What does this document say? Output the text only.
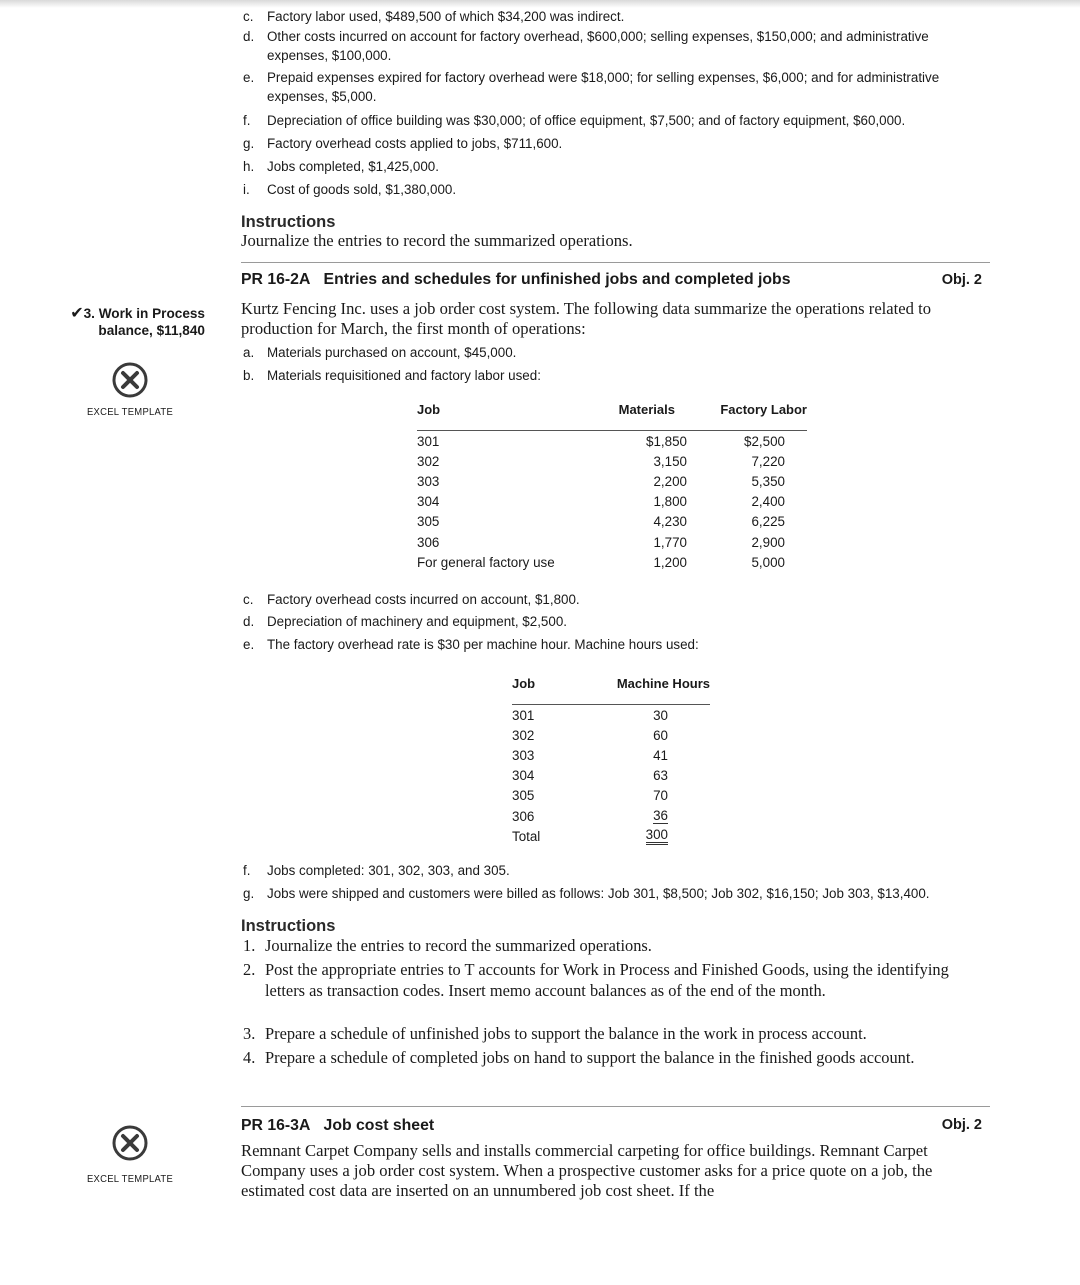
c.	Factory labor used, $489,500 of which $34,200 was indirect.
d. Other costs incurred on account for factory overhead, $600,000; selling expenses, $150,000; and administrative expenses, $100,000.
e. Prepaid expenses expired for factory overhead were $18,000; for selling expenses, $6,000; and for administrative expenses, $5,000.
f.	Depreciation of office building was $30,000; of office equipment, $7,500; and of factory equipment, $60,000.
g. Factory overhead costs applied to jobs, $711,600.
h. Jobs completed, $1,425,000.
i.	Cost of goods sold, $1,380,000.
Instructions
Journalize the entries to record the summarized operations.
PR 16-2A Entries and schedules for unfinished jobs and completed jobs	Obj. 2
✔3. Work in Process
balance, $11,840
EXCEL TEMPLATE
Kurtz Fencing Inc. uses a job order cost system. The following data summarize the operations related to production for March, the first month of operations:
a. Materials purchased on account, $45,000.
b. Materials requisitioned and factory labor used:
Job	Materials	Factory Labor
301	$1,850	$2,500
302	3,150	7,220
303	2,200	5,350
304	1,800	2,400
305	4,230	6,225
306	1,770	2,900
For general factory use	1,200	5,000
c.	Factory overhead costs incurred on account, $1,800.
d. Depreciation of machinery and equipment, $2,500.
e. The factory overhead rate is $30 per machine hour. Machine hours used:
Job	Machine Hours
301	30
302	60
303	41
304	63
305	70
306	36
Total	300
f.	Jobs completed: 301, 302, 303, and 305.
g. Jobs were shipped and customers were billed as follows: Job 301, $8,500; Job 302, $16,150; Job 303, $13,400.
Instructions
1. Journalize the entries to record the summarized operations.
2. Post the appropriate entries to T accounts for Work in Process and Finished Goods, using the identifying letters as transaction codes. Insert memo account balances as of the end of the month.
3. Prepare a schedule of unfinished jobs to support the balance in the work in process account.
4. Prepare a schedule of completed jobs on hand to support the balance in the finished goods account.
PR 16-3A Job cost sheet	Obj. 2
EXCEL TEMPLATE
Remnant Carpet Company sells and installs commercial carpeting for office buildings. Remnant Carpet Company uses a job order cost system. When a prospective customer asks for a price quote on a job, the estimated cost data are inserted on an unnumbered job cost sheet. If the
